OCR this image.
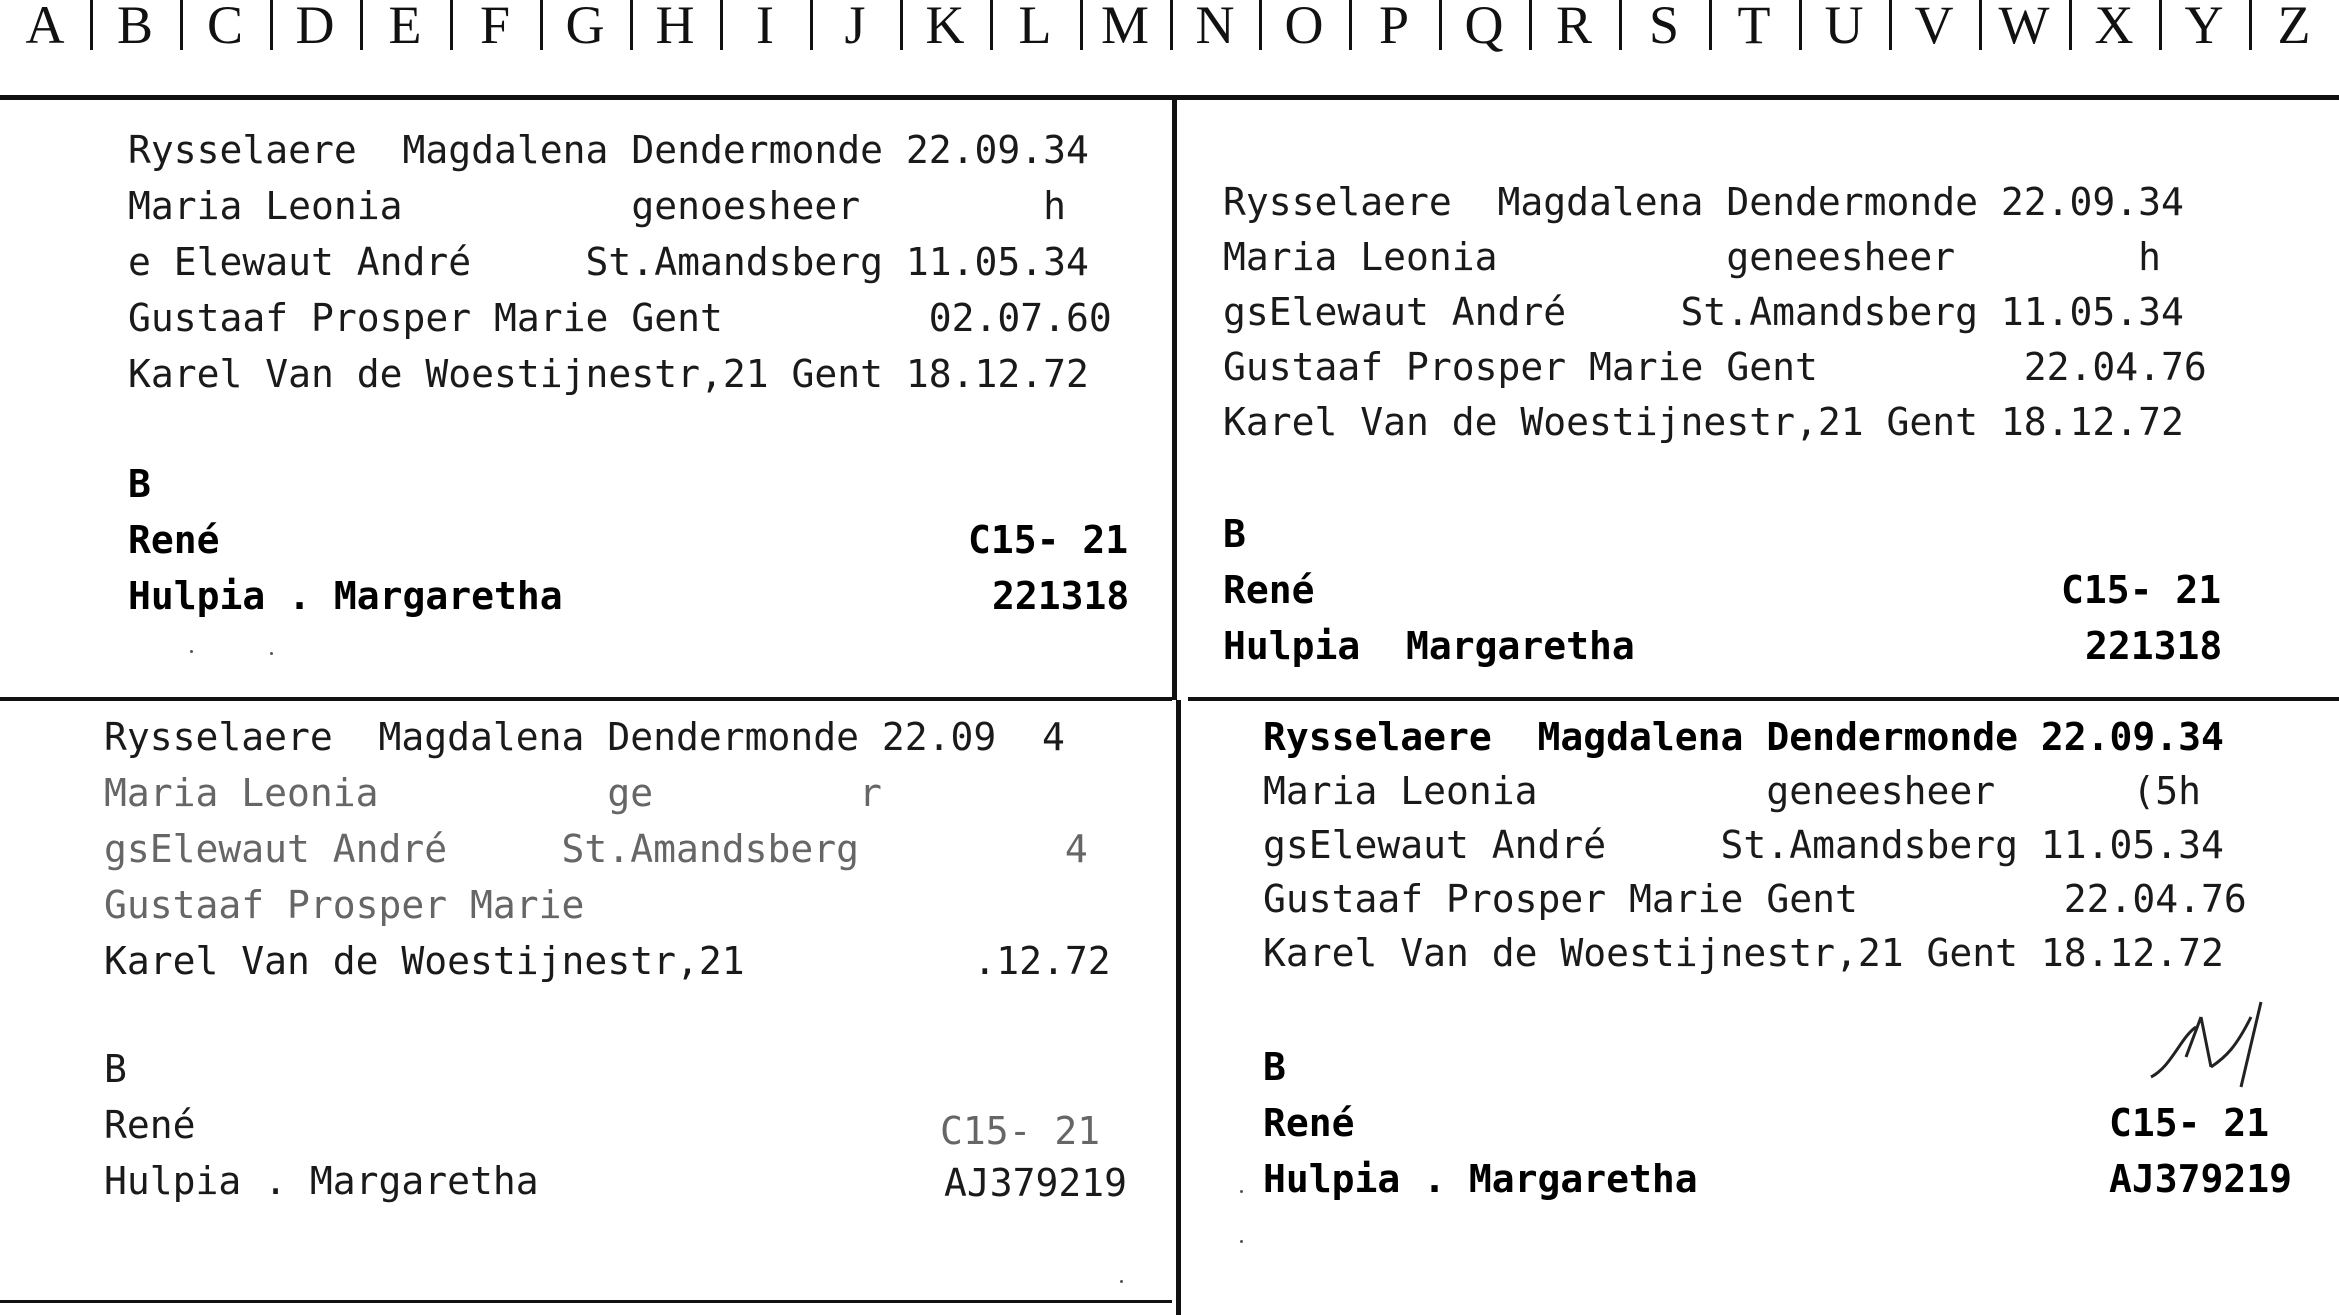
A B C D	E	F	G H	I	J	K	L M N O	P	Q R	S	T	U V W X Y	Z
Rysselaere  Magdalena Dendermonde 22.09.34
Maria Leonia          genoesheer        h
e Elewaut André     St.Amandsberg 11.05.34
Gustaaf Prosper Marie Gent         02.07.60
Karel Van de Woestijnestr,21 Gent 18.12.72
B
René	C15- 21
Hulpia . Margaretha	221318
Rysselaere  Magdalena Dendermonde 22.09.34
Maria Leonia          geneesheer        h
gsElewaut André     St.Amandsberg 11.05.34
Gustaaf Prosper Marie Gent         22.04.76
Karel Van de Woestijnestr,21 Gent 18.12.72
B
René	C15- 21
Hulpia  Margaretha	221318
Rysselaere  Magdalena Dendermonde 22.09  4
Maria Leonia          ge         r
gsElewaut André     St.Amandsberg         4
Gustaaf Prosper Marie
Karel Van de Woestijnestr,21          .12.72
B
René	C15- 21
Hulpia . Margaretha	AJ379219
Rysselaere  Magdalena Dendermonde 22.09.34
Maria Leonia          geneesheer      (5h
gsElewaut André     St.Amandsberg 11.05.34
Gustaaf Prosper Marie Gent         22.04.76
Karel Van de Woestijnestr,21 Gent 18.12.72
B
René	C15- 21
Hulpia . Margaretha	AJ379219
